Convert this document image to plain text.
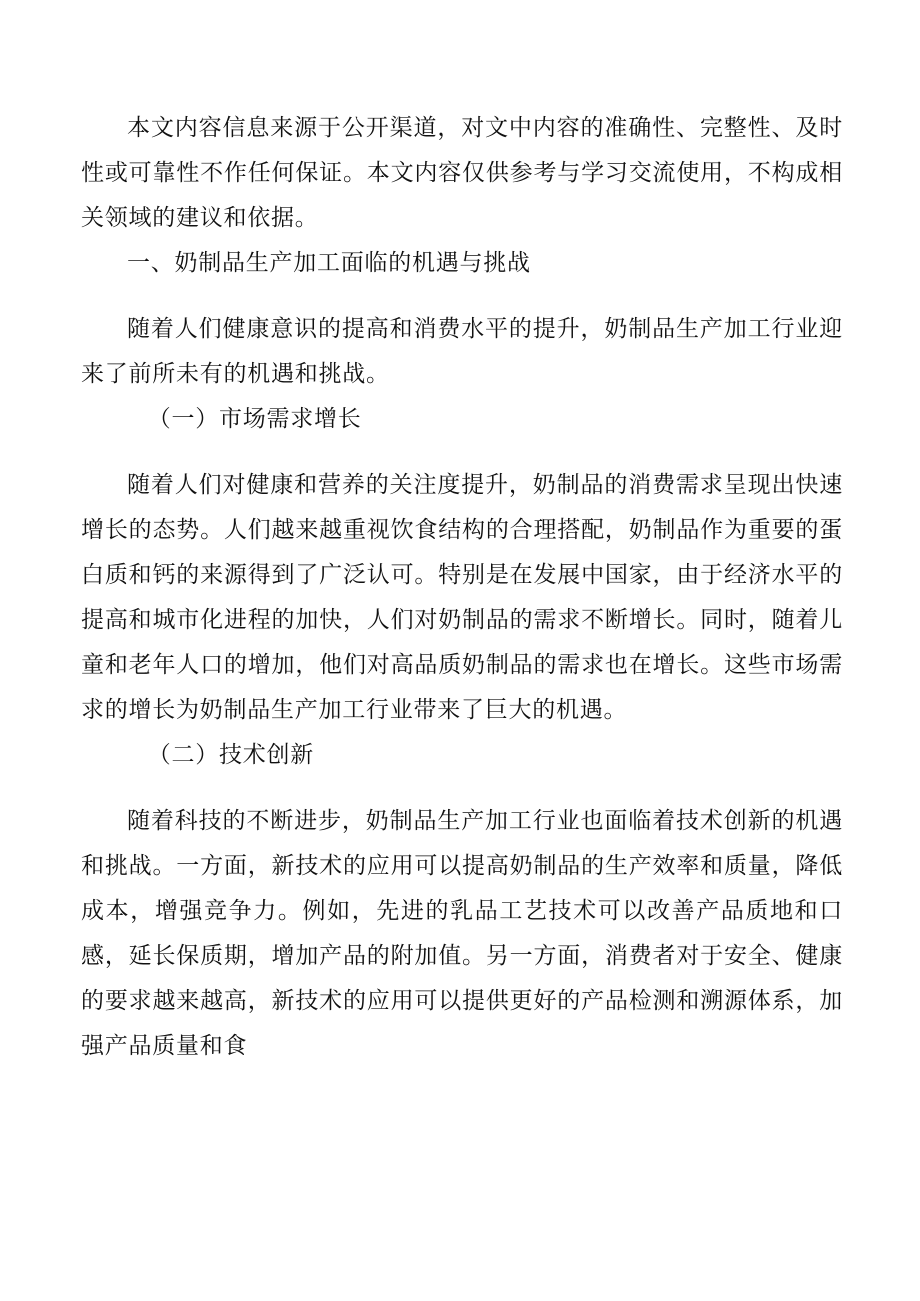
本文内容信息来源于公开渠道，对文中内容的准确性、完整性、及时性或可靠性不作任何保证。本文内容仅供参考与学习交流使用，不构成相关领域的建议和依据。

一、奶制品生产加工面临的机遇与挑战

随着人们健康意识的提高和消费水平的提升，奶制品生产加工行业迎来了前所未有的机遇和挑战。

（一）市场需求增长

随着人们对健康和营养的关注度提升，奶制品的消费需求呈现出快速增长的态势。人们越来越重视饮食结构的合理搭配，奶制品作为重要的蛋白质和钙的来源得到了广泛认可。特别是在发展中国家，由于经济水平的提高和城市化进程的加快，人们对奶制品的需求不断增长。同时，随着儿童和老年人口的增加，他们对高品质奶制品的需求也在增长。这些市场需求的增长为奶制品生产加工行业带来了巨大的机遇。

（二）技术创新

随着科技的不断进步，奶制品生产加工行业也面临着技术创新的机遇和挑战。一方面，新技术的应用可以提高奶制品的生产效率和质量，降低成本，增强竞争力。例如，先进的乳品工艺技术可以改善产品质地和口感，延长保质期，增加产品的附加值。另一方面，消费者对于安全、健康的要求越来越高，新技术的应用可以提供更好的产品检测和溯源体系，加强产品质量和食
